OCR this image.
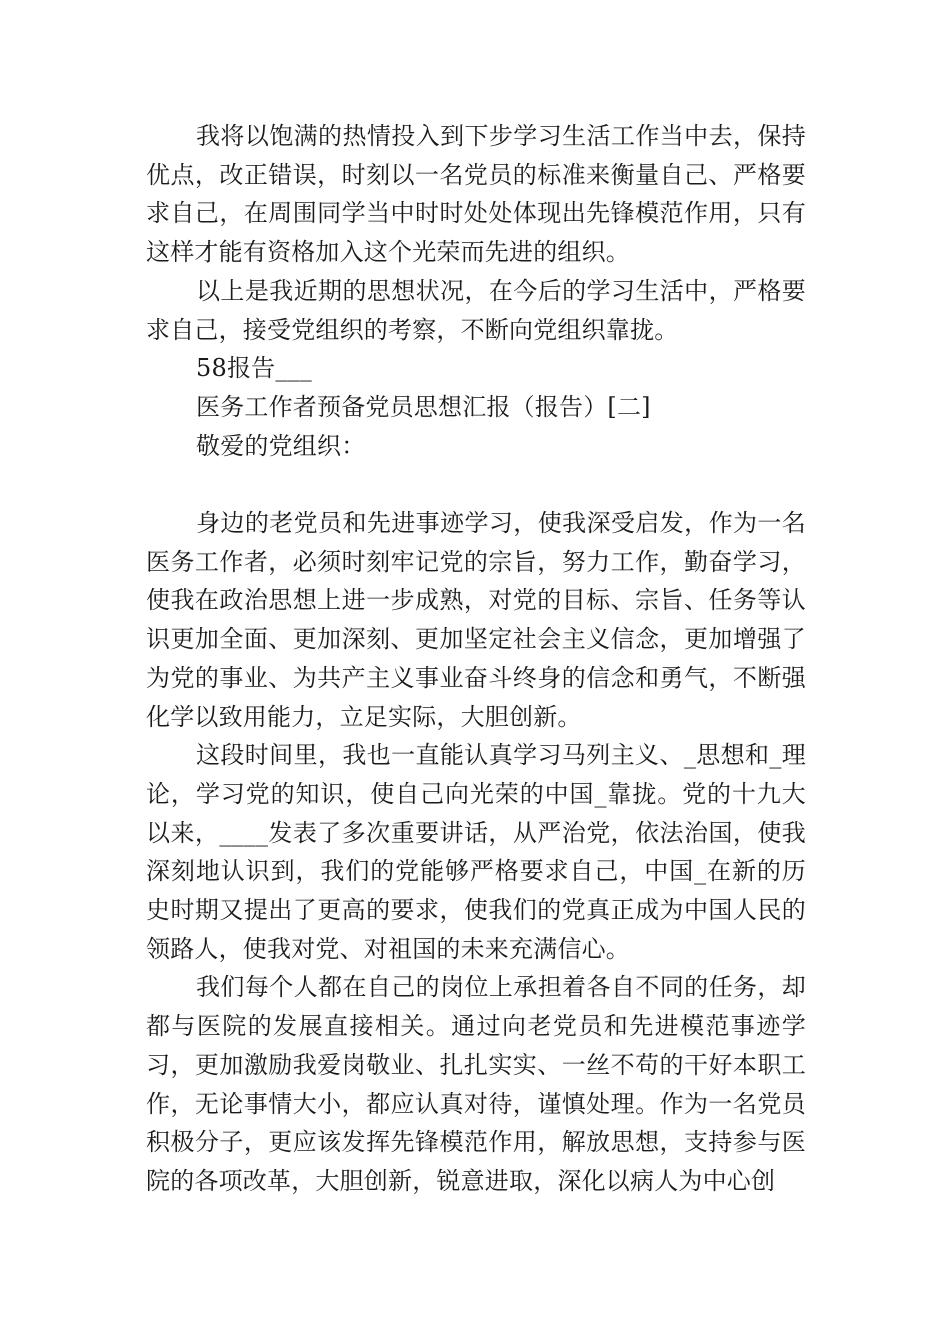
我将以饱满的热情投入到下步学习生活工作当中去，保持优点，改正错误，时刻以一名党员的标准来衡量自己、严格要求自己，在周围同学当中时时处处体现出先锋模范作用，只有这样才能有资格加入这个光荣而先进的组织。

以上是我近期的思想状况，在今后的学习生活中，严格要求自己，接受党组织的考察，不断向党组织靠拢。

58报告___

医务工作者预备党员思想汇报（报告）[二]

敬爱的党组织：

身边的老党员和先进事迹学习，使我深受启发，作为一名医务工作者，必须时刻牢记党的宗旨，努力工作，勤奋学习，使我在政治思想上进一步成熟，对党的目标、宗旨、任务等认识更加全面、更加深刻、更加坚定社会主义信念，更加增强了为党的事业、为共产主义事业奋斗终身的信念和勇气，不断强化学以致用能力，立足实际，大胆创新。

这段时间里，我也一直能认真学习马列主义、_思想和_理论，学习党的知识，使自己向光荣的中国_靠拢。党的十九大以来，____发表了多次重要讲话，从严治党，依法治国，使我深刻地认识到，我们的党能够严格要求自己，中国_在新的历史时期又提出了更高的要求，使我们的党真正成为中国人民的领路人，使我对党、对祖国的未来充满信心。

我们每个人都在自己的岗位上承担着各自不同的任务，却都与医院的发展直接相关。通过向老党员和先进模范事迹学习，更加激励我爱岗敬业、扎扎实实、一丝不苟的干好本职工作，无论事情大小，都应认真对待，谨慎处理。作为一名党员积极分子，更应该发挥先锋模范作用，解放思想，支持参与医院的各项改革，大胆创新，锐意进取，深化以病人为中心创
